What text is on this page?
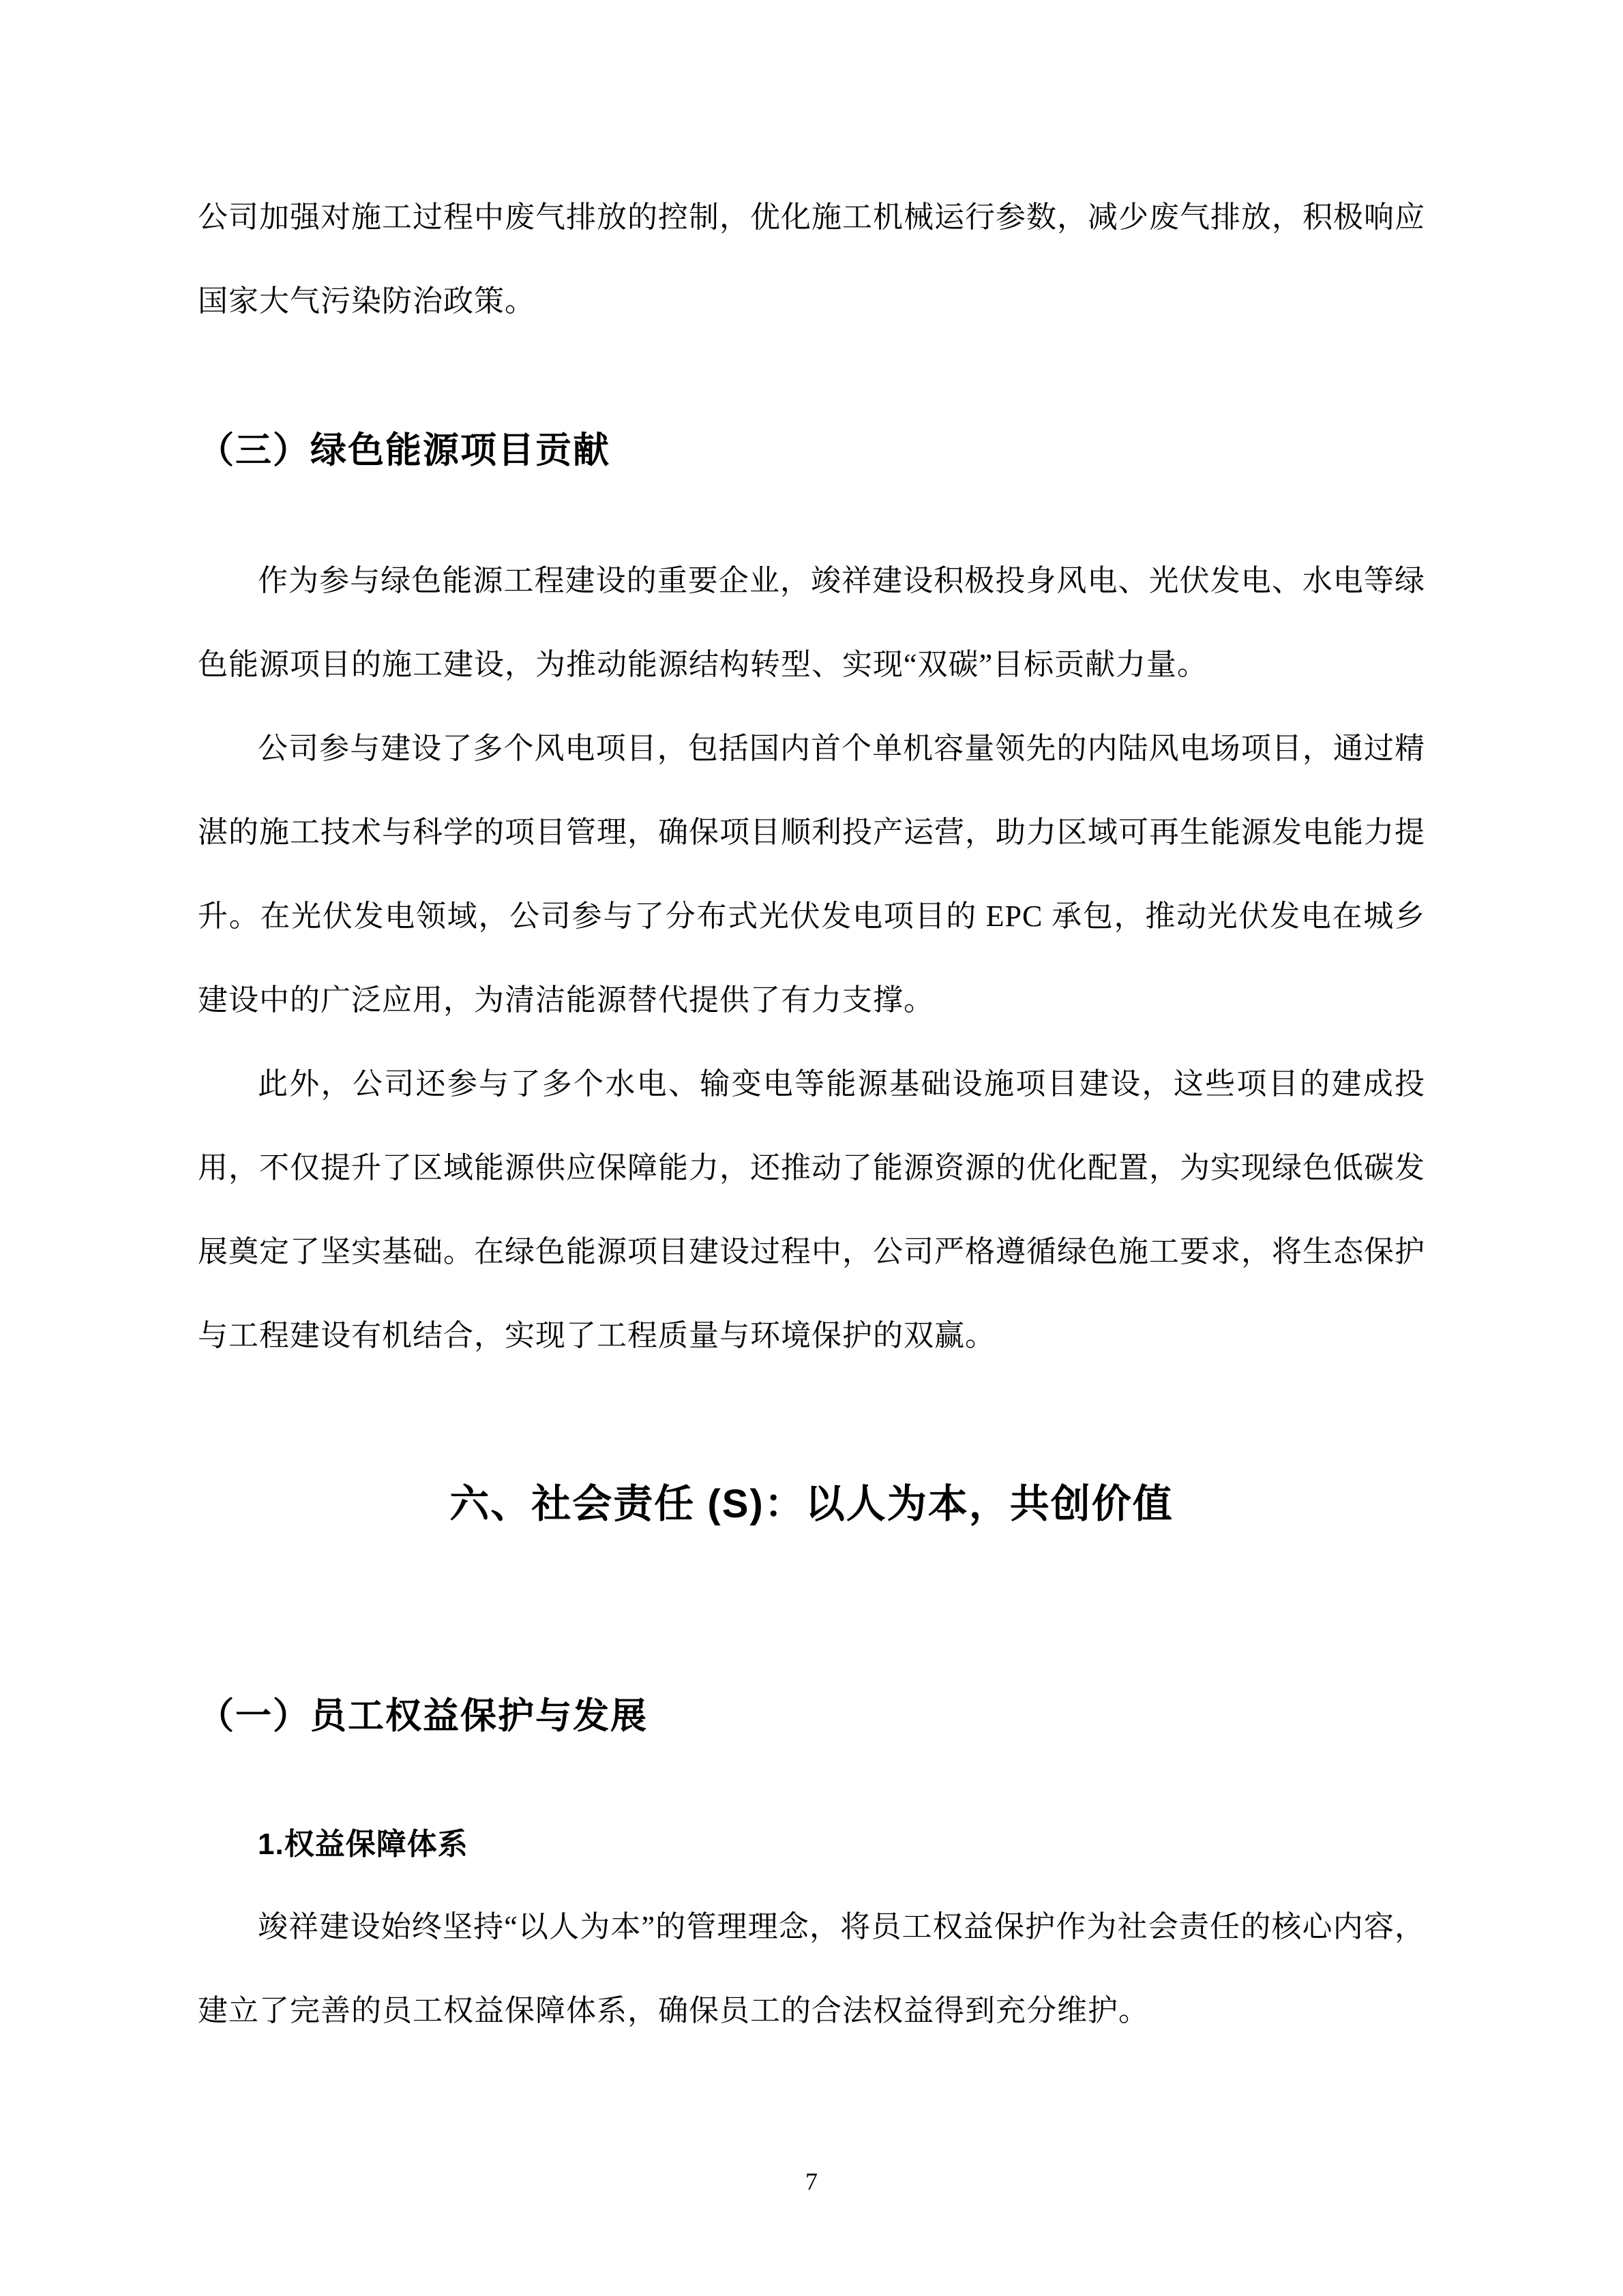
公司加强对施工过程中废气排放的控制，优化施工机械运行参数，减少废气排放，积极响应国家大气污染防治政策。

（三）绿色能源项目贡献

作为参与绿色能源工程建设的重要企业，竣祥建设积极投身风电、光伏发电、水电等绿色能源项目的施工建设，为推动能源结构转型、实现“双碳”目标贡献力量。

公司参与建设了多个风电项目，包括国内首个单机容量领先的内陆风电场项目，通过精湛的施工技术与科学的项目管理，确保项目顺利投产运营，助力区域可再生能源发电能力提升。在光伏发电领域，公司参与了分布式光伏发电项目的 EPC 承包，推动光伏发电在城乡建设中的广泛应用，为清洁能源替代提供了有力支撑。

此外，公司还参与了多个水电、输变电等能源基础设施项目建设，这些项目的建成投用，不仅提升了区域能源供应保障能力，还推动了能源资源的优化配置，为实现绿色低碳发展奠定了坚实基础。在绿色能源项目建设过程中，公司严格遵循绿色施工要求，将生态保护与工程建设有机结合，实现了工程质量与环境保护的双赢。

六、社会责任 (S)：以人为本，共创价值
（一）员工权益保护与发展
1.权益保障体系

竣祥建设始终坚持“以人为本”的管理理念，将员工权益保护作为社会责任的核心内容，建立了完善的员工权益保障体系，确保员工的合法权益得到充分维护。

7
